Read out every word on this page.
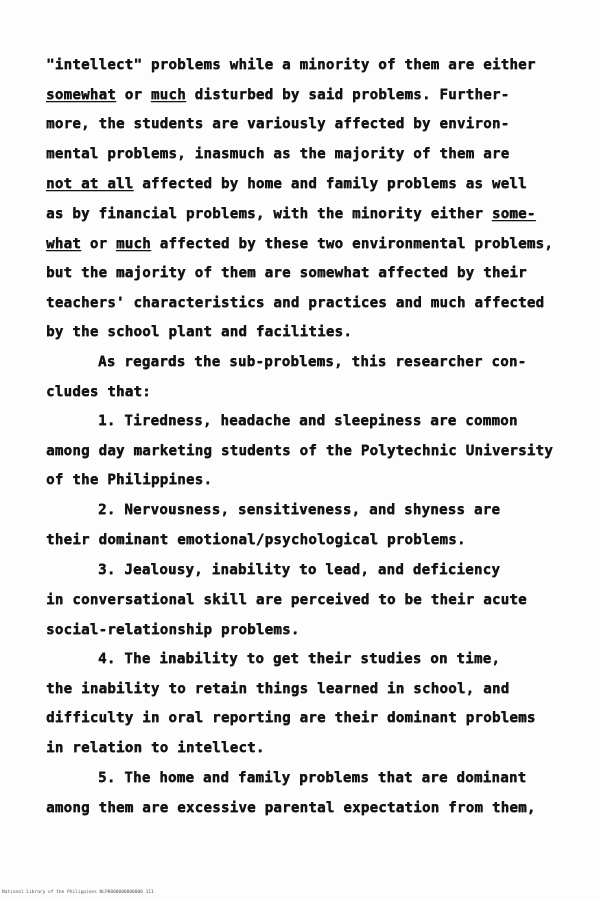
"intellect" problems while a minority of them are either
somewhat or much disturbed by said problems. Further-
more, the students are variously affected by environ-
mental problems, inasmuch as the majority of them are
not at all affected by home and family problems as well
as by financial problems, with the minority either some-
what or much affected by these two environmental problems,
but the majority of them are somewhat affected by their
teachers' characteristics and practices and much affected
by the school plant and facilities.
As regards the sub-problems, this researcher con-
cludes that:
1. Tiredness, headache and sleepiness are common
among day marketing students of the Polytechnic University
of the Philippines.
2. Nervousness, sensitiveness, and shyness are
their dominant emotional/psychological problems.
3. Jealousy, inability to lead, and deficiency
in conversational skill are perceived to be their acute
social-relationship problems.
4. The inability to get their studies on time,
the inability to retain things learned in school, and
difficulty in oral reporting are their dominant problems
in relation to intellect.
5. The home and family problems that are dominant
among them are excessive parental expectation from them,
National Library of the Philippines NLP0000000000000 111
